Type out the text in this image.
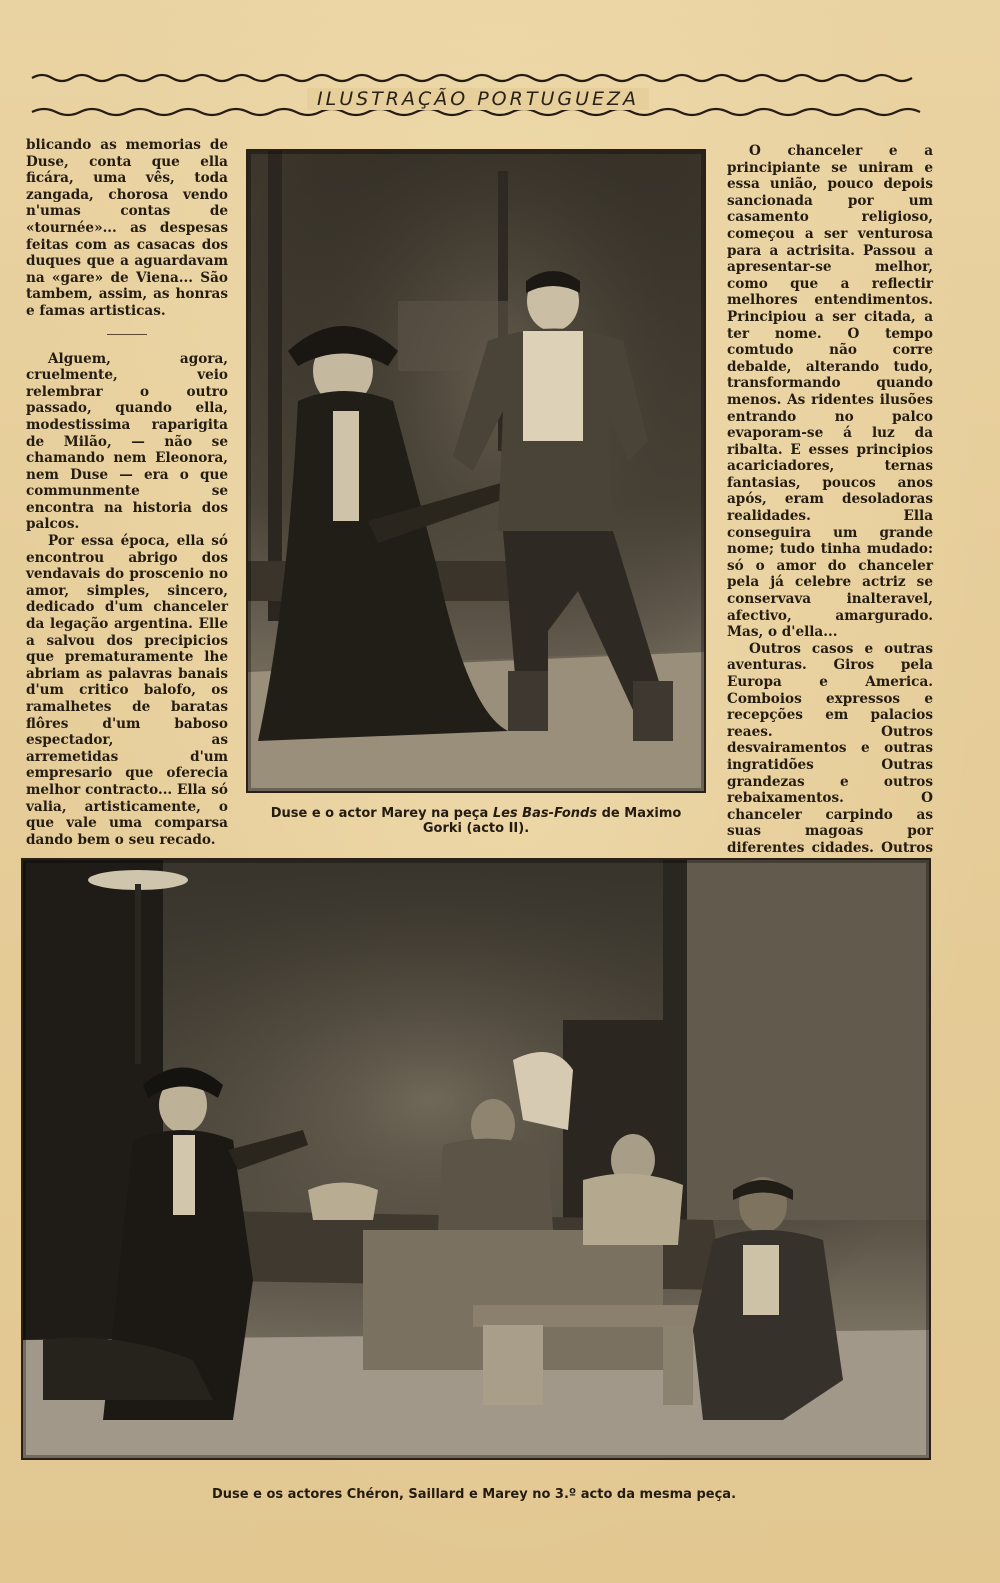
ILUSTRAÇÃO PORTUGUEZA

blicando as memorias de Duse, conta que ella ficára, uma vês, toda zangada, chorosa vendo n'umas contas de «tournée»... as despesas feitas com as casacas dos duques que a aguardavam na «gare» de Viena... São tambem, assim, as honras e famas artisticas.

Alguem, agora, cruelmente, veio relembrar o outro passado, quando ella, modestissima raparigita de Milão, — não se chamando nem Eleonora, nem Duse — era o que communmente se encontra na historia dos palcos.

Por essa época, ella só encontrou abrigo dos vendavais do proscenio no amor, simples, sincero, dedicado d'um chanceler da legação argentina. Elle a salvou dos precipicios que prematuramente lhe abriam as palavras banais d'um critico balofo, os ramalhetes de baratas flôres d'um baboso espectador, as arremetidas d'um empresario que oferecia melhor contracto... Ella só valia, artisticamente, o que vale uma comparsa dando bem o seu recado.

Duse e o actor Marey na peça Les Bas-Fonds de Maximo Gorki (acto II).

O chanceler e a principiante se uniram e essa união, pouco depois sancionada por um casamento religioso, começou a ser venturosa para a actrisita. Passou a apresentar-se melhor, como que a reflectir melhores entendimentos. Principiou a ser citada, a ter nome. O tempo comtudo não corre debalde, alterando tudo, transformando quando menos. As ridentes ilusões entrando no palco evaporam-se á luz da ribalta. E esses principios acariciadores, ternas fantasias, poucos anos após, eram desoladoras realidades. Ella conseguira um grande nome; tudo tinha mudado: só o amor do chanceler pela já celebre actriz se conservava inalteravel, afectivo, amargurado. Mas, o d'ella...

Outros casos e outras aventuras. Giros pela Europa e America. Comboios expressos e recepções em palacios reaes. Outros desvairamentos e outras ingratidões Outras grandezas e outros rebaixamentos. O chanceler carpindo as suas magoas por diferentes cidades. Outros

Duse e os actores Chéron, Saillard e Marey no 3.º acto da mesma peça.
